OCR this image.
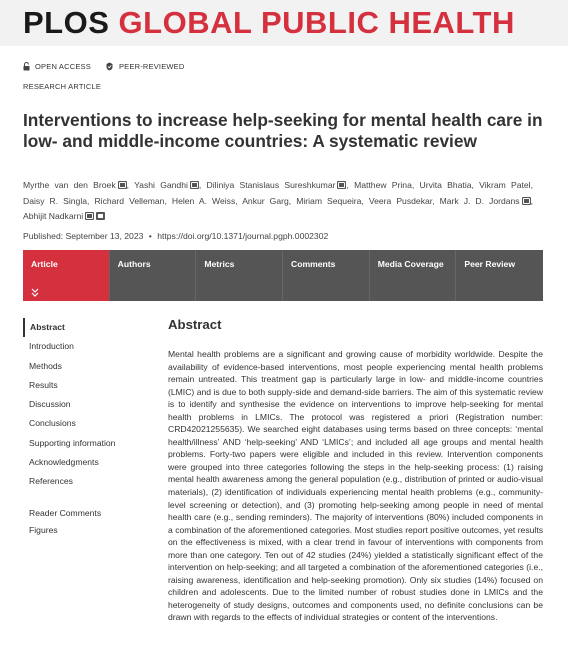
PLOS GLOBAL PUBLIC HEALTH
OPEN ACCESS	PEER-REVIEWED
RESEARCH ARTICLE
Interventions to increase help-seeking for mental health care in low- and middle-income countries: A systematic review
Myrthe van den Broek , Yashi Gandhi , Diliniya Stanislaus Sureshkumar , Matthew Prina, Urvita Bhatia, Vikram Patel, Daisy R. Singla, Richard Velleman, Helen A. Weiss, Ankur Garg, Miriam Sequeira, Veera Pusdekar, Mark J. D. Jordans , Abhijit Nadkarni
Published: September 13, 2023 • https://doi.org/10.1371/journal.pgph.0002302
Article	Authors	Metrics	Comments	Media Coverage	Peer Review
Abstract
Introduction
Methods
Results
Discussion
Conclusions
Supporting information
Acknowledgments
References
Reader Comments
Figures
Abstract

Mental health problems are a significant and growing cause of morbidity worldwide. Despite the availability of evidence-based interventions, most people experiencing mental health problems remain untreated. This treatment gap is particularly large in low- and middle-income countries (LMIC) and is due to both supply-side and demand-side barriers. The aim of this systematic review is to identify and synthesise the evidence on interventions to improve help-seeking for mental health problems in LMICs. The protocol was registered a priori (Registration number: CRD42021255635). We searched eight databases using terms based on three concepts: ‘mental health/illness’ AND ‘help-seeking’ AND ‘LMICs’; and included all age groups and mental health problems. Forty-two papers were eligible and included in this review. Intervention components were grouped into three categories following the steps in the help-seeking process: (1) raising mental health awareness among the general population (e.g., distribution of printed or audio-visual materials), (2) identification of individuals experiencing mental health problems (e.g., community-level screening or detection), and (3) promoting help-seeking among people in need of mental health care (e.g., sending reminders). The majority of interventions (80%) included components in a combination of the aforementioned categories. Most studies report positive outcomes, yet results on the effectiveness is mixed, with a clear trend in favour of interventions with components from more than one category. Ten out of 42 studies (24%) yielded a statistically significant effect of the intervention on help-seeking; and all targeted a combination of the aforementioned categories (i.e., raising awareness, identification and help-seeking promotion). Only six studies (14%) focused on children and adolescents. Due to the limited number of robust studies done in LMICs and the heterogeneity of study designs, outcomes and components used, no definite conclusions can be drawn with regards to the effects of individual strategies or content of the interventions.
